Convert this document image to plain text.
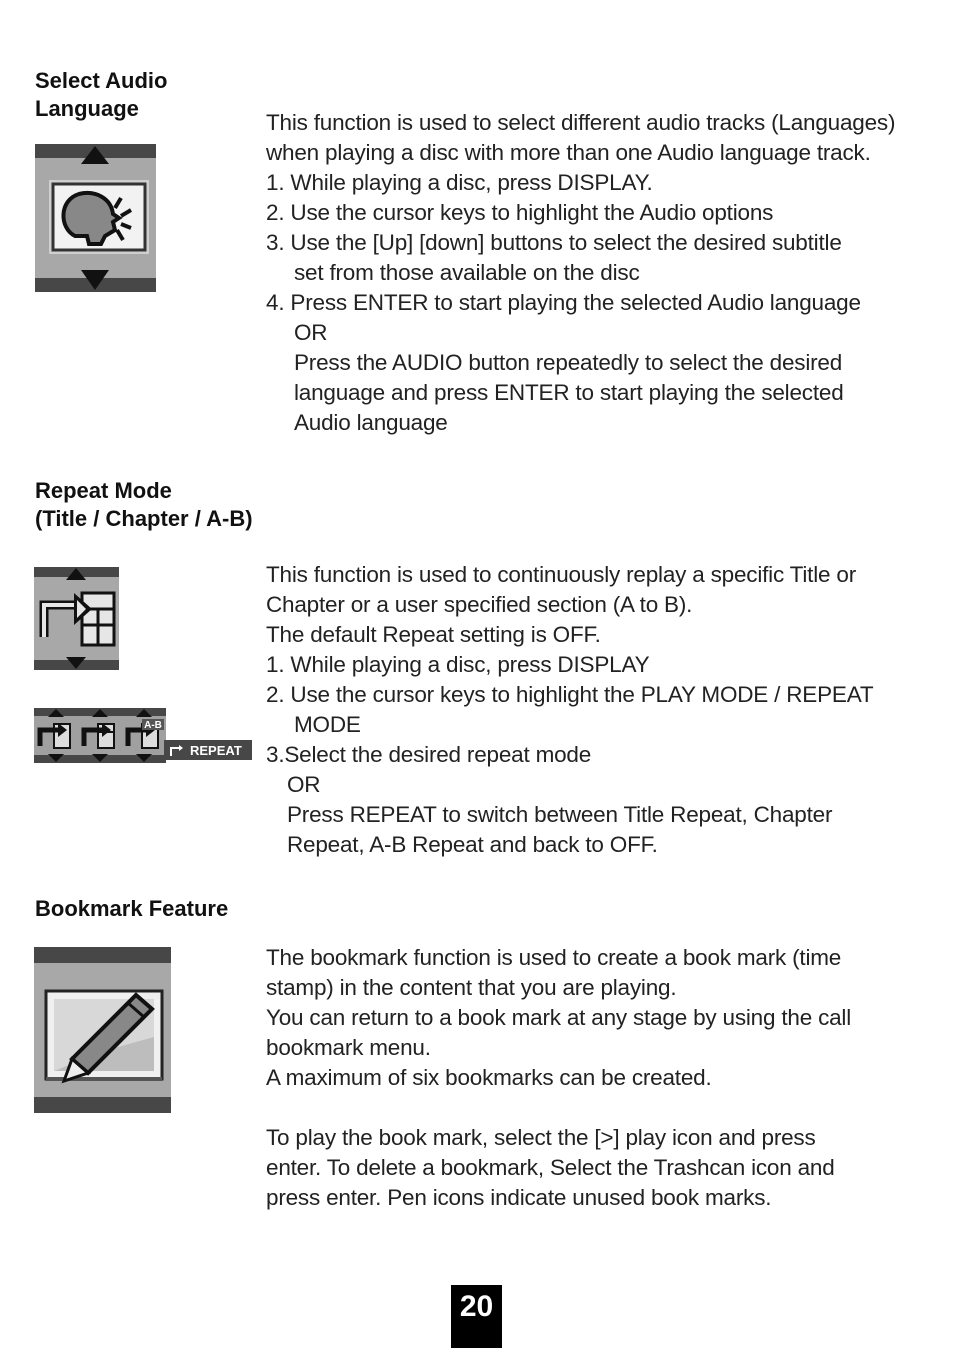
Select Audio
Language
This function is used to select different audio tracks (Languages)
when playing a disc with more than one Audio language track.
1. While playing a disc, press DISPLAY.
2. Use the cursor keys to highlight the Audio options
3. Use the [Up] [down] buttons to select the desired subtitle
set from those available on the disc
4. Press ENTER to start playing the selected Audio language
OR
Press the AUDIO button repeatedly to select the desired
language and press ENTER to start playing the selected
Audio language
Repeat Mode
(Title / Chapter / A-B)
A-B
REPEAT
This function is used to continuously replay a specific Title or
Chapter or a user specified section (A to B).
The default Repeat setting is OFF.
1. While playing a disc, press DISPLAY
2. Use the cursor keys to highlight the PLAY MODE / REPEAT
MODE
3.Select the desired repeat mode
OR
Press REPEAT to switch between Title Repeat, Chapter
Repeat, A-B Repeat and back to OFF.
Bookmark Feature
The bookmark function is used to create a book mark (time
stamp) in the content that you are playing.
You can return to a book mark at any stage by using the call
bookmark menu.
A maximum of six bookmarks can be created.
To play the book mark, select the [>] play icon and press
enter. To delete a bookmark, Select the Trashcan icon and
press enter. Pen icons indicate unused book marks.
20
